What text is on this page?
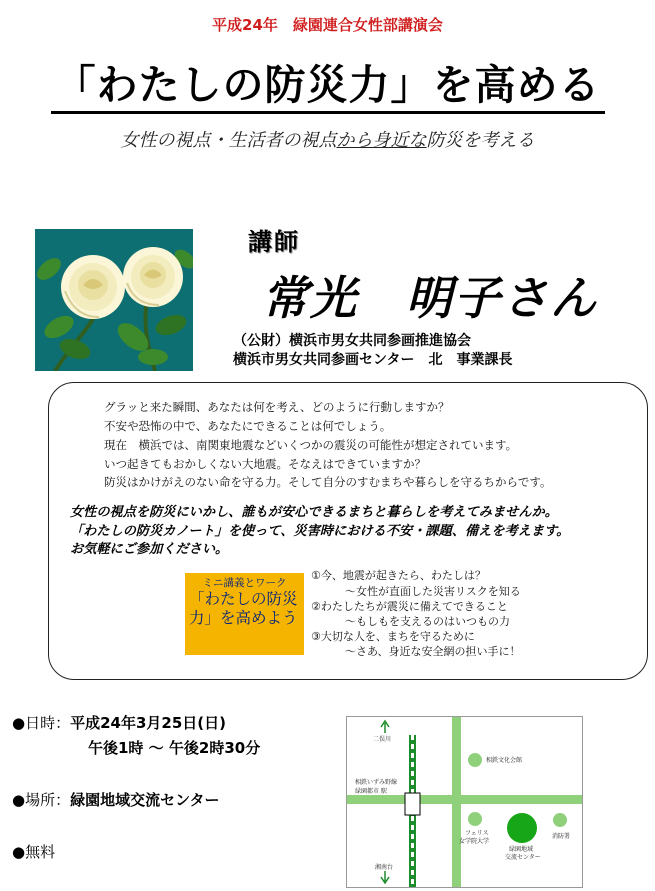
平成24年　緑園連合女性部講演会
「わたしの防災力」を高める
女性の視点・生活者の視点から身近な防災を考える
講師
常光　明子さん
（公財）横浜市男女共同参画推進協会
横浜市男女共同参画センター　北　事業課長
グラッと来た瞬間、あなたは何を考え、どのように行動しますか？
不安や恐怖の中で、あなたにできることは何でしょう。
現在　横浜では、南関東地震などいくつかの震災の可能性が想定されています。
いつ起きてもおかしくない大地震。そなえはできていますか？
防災はかけがえのない命を守る力。そして自分のすむまちや暮らしを守るちからです。
女性の視点を防災にいかし、誰もが安心できるまちと暮らしを考えてみませんか。
「わたしの防災カノート」を使って、災害時における不安・課題、備えを考えます。
お気軽にご参加ください。
ミニ講義とワーク
「わたしの防災力」を高めよう
①今、地震が起きたら、わたしは？
〜女性が直面した災害リスクを知る
②わたしたちが震災に備えてできること
〜もしもを支えるのはいつもの力
③大切な人を、まちを守るために
〜さあ、身近な安全網の担い手に！
●日時：平成24年3月25日(日)
午後1時 〜 午後2時30分
●場所：緑園地域交流センター
●無料
二俣川
相鉄いずみ野線
緑園都市 駅
相鉄文化会館
フェリス
女学院大学
緑園地域
交流センター
消防署
湘南台
